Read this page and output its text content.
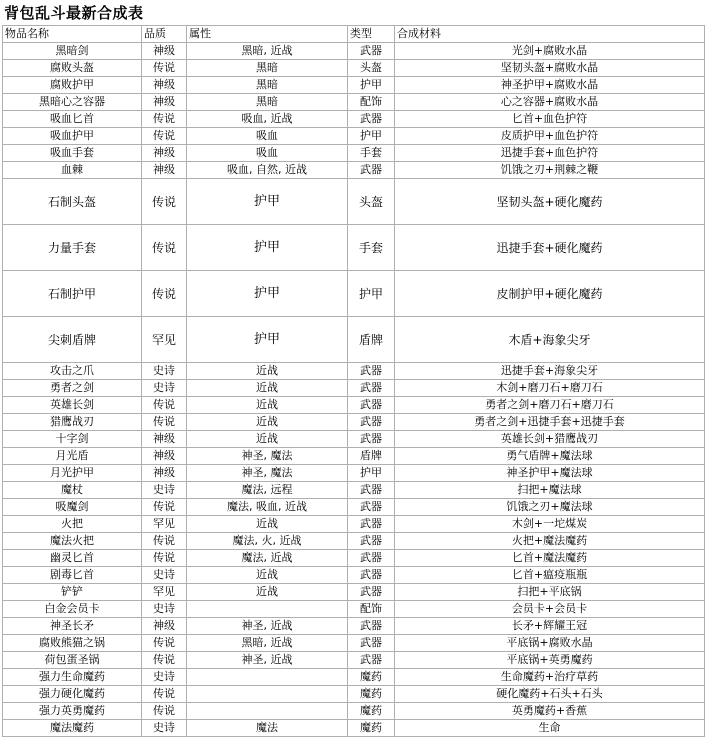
背包乱斗最新合成表
物品名称	品质	属性	类型	合成材料
黑暗剑	神级	黑暗, 近战	武器	光剑+腐败水晶
腐败头盔	传说	黑暗	头盔	坚韧头盔+腐败水晶
腐败护甲	神级	黑暗	护甲	神圣护甲+腐败水晶
黑暗心之容器	神级	黑暗	配饰	心之容器+腐败水晶
吸血匕首	传说	吸血, 近战	武器	匕首+血色护符
吸血护甲	传说	吸血	护甲	皮质护甲+血色护符
吸血手套	神级	吸血	手套	迅捷手套+血色护符
血棘	神级	吸血, 自然, 近战	武器	饥饿之刃+荆棘之鞭
石制头盔	传说	护甲	头盔	坚韧头盔+硬化魔药
力量手套	传说	护甲	手套	迅捷手套+硬化魔药
石制护甲	传说	护甲	护甲	皮制护甲+硬化魔药
尖刺盾牌	罕见	护甲	盾牌	木盾+海象尖牙
攻击之爪	史诗	近战	武器	迅捷手套+海象尖牙
勇者之剑	史诗	近战	武器	木剑+磨刀石+磨刀石
英雄长剑	传说	近战	武器	勇者之剑+磨刀石+磨刀石
猎鹰战刃	传说	近战	武器	勇者之剑+迅捷手套+迅捷手套
十字剑	神级	近战	武器	英雄长剑+猎鹰战刃
月光盾	神级	神圣, 魔法	盾牌	勇气盾牌+魔法球
月光护甲	神级	神圣, 魔法	护甲	神圣护甲+魔法球
魔杖	史诗	魔法, 远程	武器	扫把+魔法球
吸魔剑	传说	魔法, 吸血, 近战	武器	饥饿之刃+魔法球
火把	罕见	近战	武器	木剑+一坨煤炭
魔法火把	传说	魔法, 火, 近战	武器	火把+魔法魔药
幽灵匕首	传说	魔法, 近战	武器	匕首+魔法魔药
剧毒匕首	史诗	近战	武器	匕首+瘟疫瓶瓶
铲铲	罕见	近战	武器	扫把+平底锅
白金会员卡	史诗		配饰	会员卡+会员卡
神圣长矛	神级	神圣, 近战	武器	长矛+辉耀王冠
腐败熊猫之锅	传说	黑暗, 近战	武器	平底锅+腐败水晶
荷包蛋圣锅	传说	神圣, 近战	武器	平底锅+英勇魔药
强力生命魔药	史诗		魔药	生命魔药+治疗草药
强力硬化魔药	传说		魔药	硬化魔药+石头+石头
强力英勇魔药	传说		魔药	英勇魔药+香蕉
魔法魔药	史诗	魔法	魔药	生命
